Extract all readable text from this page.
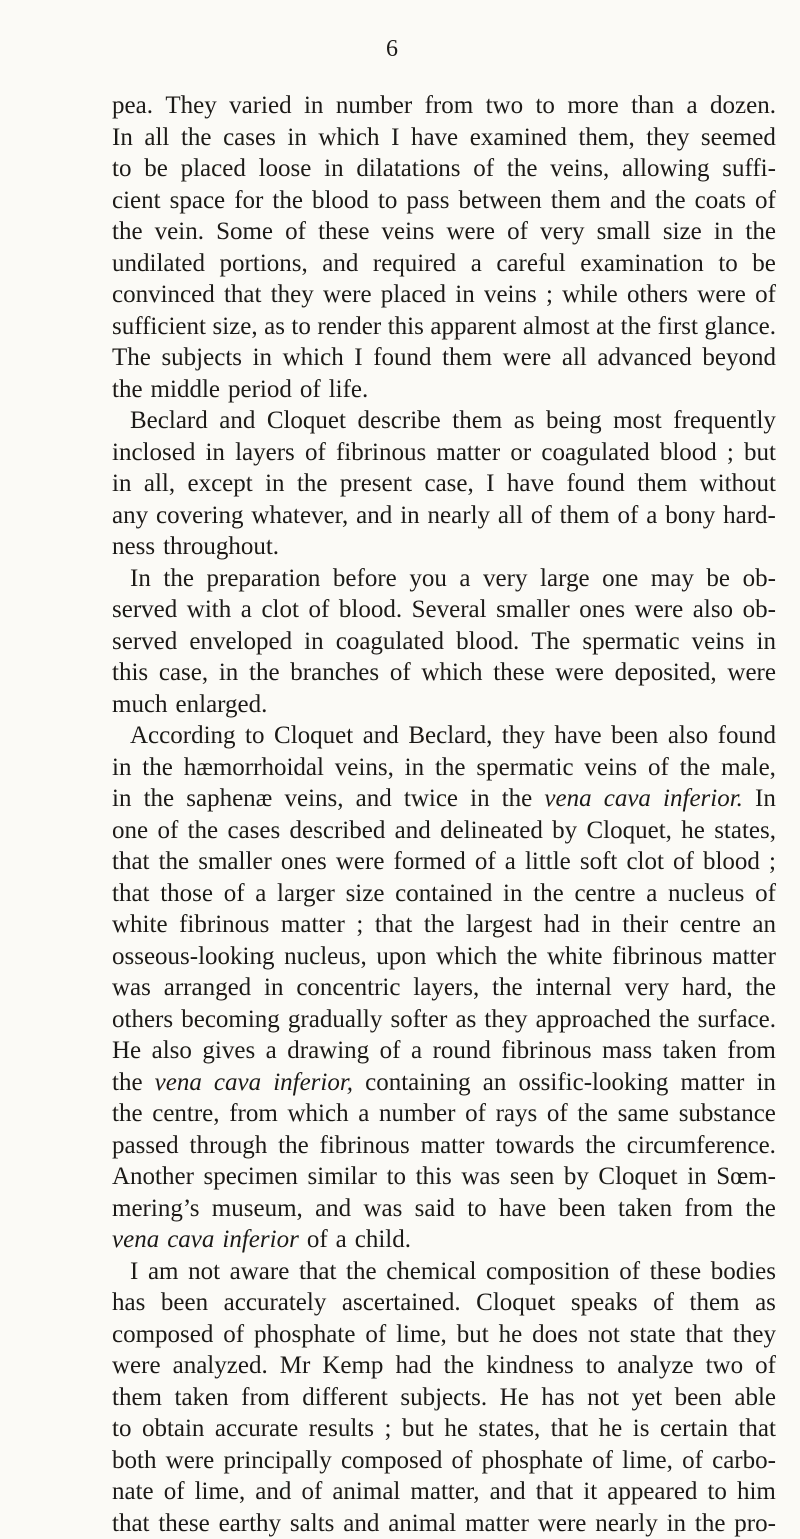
6
pea. They varied in number from two to more than a dozen.
In all the cases in which I have examined them, they seemed
to be placed loose in dilatations of the veins, allowing suffi-
cient space for the blood to pass between them and the coats of
the vein. Some of these veins were of very small size in the
undilated portions, and required a careful examination to be
convinced that they were placed in veins ; while others were of
sufficient size, as to render this apparent almost at the first glance.
The subjects in which I found them were all advanced beyond
the middle period of life.
Beclard and Cloquet describe them as being most frequently
inclosed in layers of fibrinous matter or coagulated blood ; but
in all, except in the present case, I have found them without
any covering whatever, and in nearly all of them of a bony hard-
ness throughout.
In the preparation before you a very large one may be ob-
served with a clot of blood. Several smaller ones were also ob-
served enveloped in coagulated blood. The spermatic veins in
this case, in the branches of which these were deposited, were
much enlarged.
According to Cloquet and Beclard, they have been also found
in the hæmorrhoidal veins, in the spermatic veins of the male,
in the saphenæ veins, and twice in the vena cava inferior. In
one of the cases described and delineated by Cloquet, he states,
that the smaller ones were formed of a little soft clot of blood ;
that those of a larger size contained in the centre a nucleus of
white fibrinous matter ; that the largest had in their centre an
osseous-looking nucleus, upon which the white fibrinous matter
was arranged in concentric layers, the internal very hard, the
others becoming gradually softer as they approached the surface.
He also gives a drawing of a round fibrinous mass taken from
the vena cava inferior, containing an ossific-looking matter in
the centre, from which a number of rays of the same substance
passed through the fibrinous matter towards the circumference.
Another specimen similar to this was seen by Cloquet in Sœm-
mering’s museum, and was said to have been taken from the
vena cava inferior of a child.
I am not aware that the chemical composition of these bodies
has been accurately ascertained. Cloquet speaks of them as
composed of phosphate of lime, but he does not state that they
were analyzed. Mr Kemp had the kindness to analyze two of
them taken from different subjects. He has not yet been able
to obtain accurate results ; but he states, that he is certain that
both were principally composed of phosphate of lime, of carbo-
nate of lime, and of animal matter, and that it appeared to him
that these earthy salts and animal matter were nearly in the pro-
